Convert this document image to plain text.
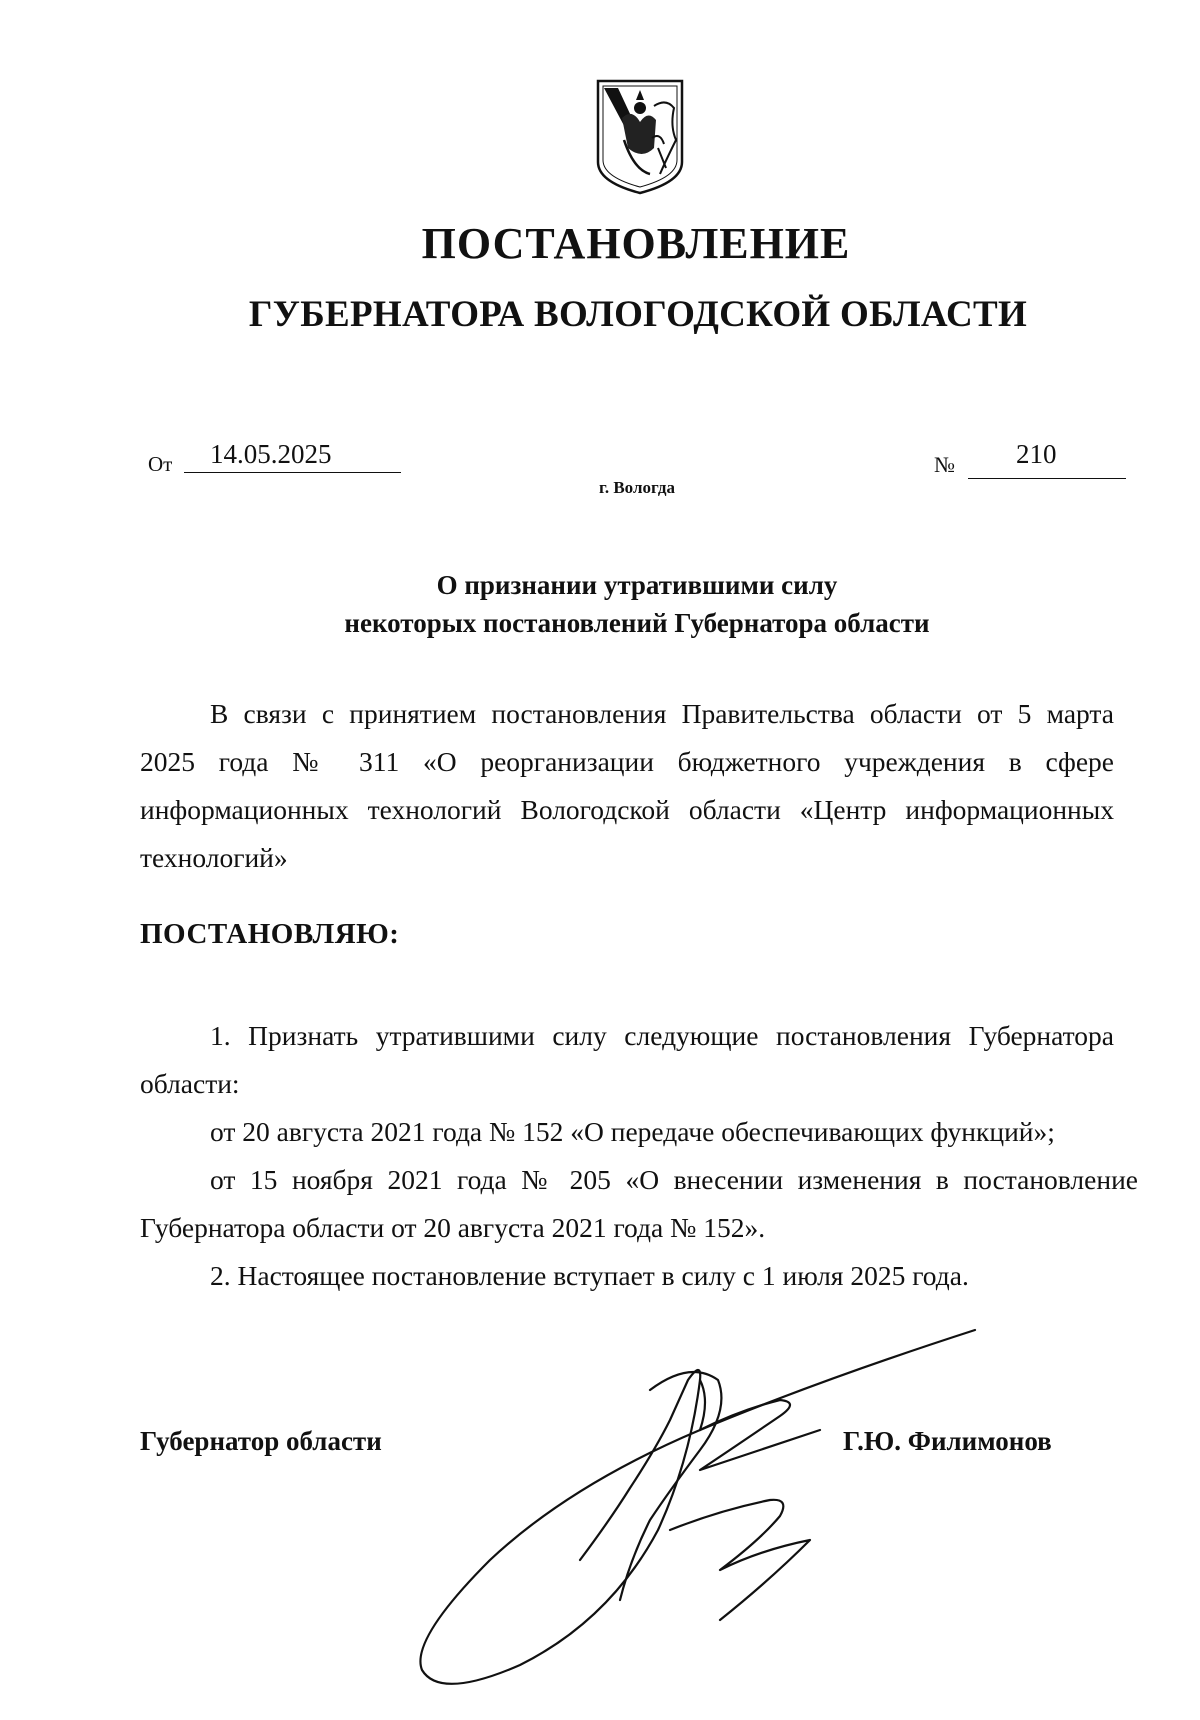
ПОСТАНОВЛЕНИЕ
ГУБЕРНАТОРА ВОЛОГОДСКОЙ ОБЛАСТИ
От 14.05.2025	№ 210
г. Вологда
О признании утратившими силу
некоторых постановлений Губернатора области
В связи с принятием постановления Правительства области от 5 марта
2025 года № 311 «О реорганизации бюджетного учреждения в сфере
информационных технологий Вологодской области «Центр информационных
технологий»
ПОСТАНОВЛЯЮ:
1. Признать утратившими силу следующие постановления Губернатора
области:
от 20 августа 2021 года № 152 «О передаче обеспечивающих функций»;
от 15 ноября 2021 года № 205 «О внесении изменения в постановление
Губернатора области от 20 августа 2021 года № 152».
2. Настоящее постановление вступает в силу с 1 июля 2025 года.
Губернатор области	Г.Ю. Филимонов
